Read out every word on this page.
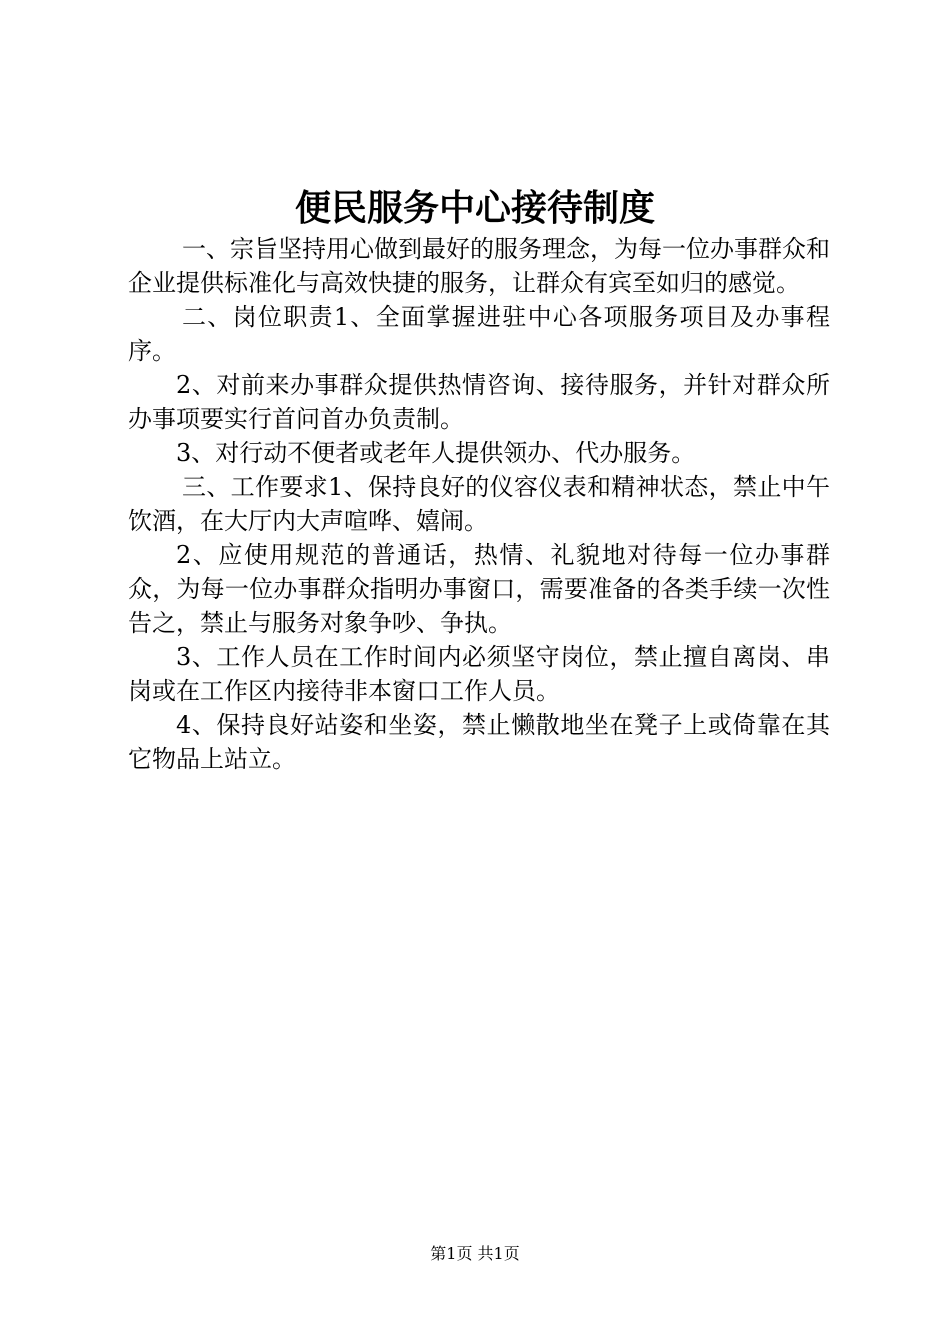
便民服务中心接待制度

一、宗旨坚持用心做到最好的服务理念，为每一位办事群众和企业提供标准化与高效快捷的服务，让群众有宾至如归的感觉。

二、岗位职责1、全面掌握进驻中心各项服务项目及办事程序。

2、对前来办事群众提供热情咨询、接待服务，并针对群众所办事项要实行首问首办负责制。

3、对行动不便者或老年人提供领办、代办服务。

三、工作要求1、保持良好的仪容仪表和精神状态，禁止中午饮酒，在大厅内大声喧哗、嬉闹。

2、应使用规范的普通话，热情、礼貌地对待每一位办事群众，为每一位办事群众指明办事窗口，需要准备的各类手续一次性告之，禁止与服务对象争吵、争执。

3、工作人员在工作时间内必须坚守岗位，禁止擅自离岗、串岗或在工作区内接待非本窗口工作人员。

4、保持良好站姿和坐姿，禁止懒散地坐在凳子上或倚靠在其它物品上站立。

第1页 共1页
